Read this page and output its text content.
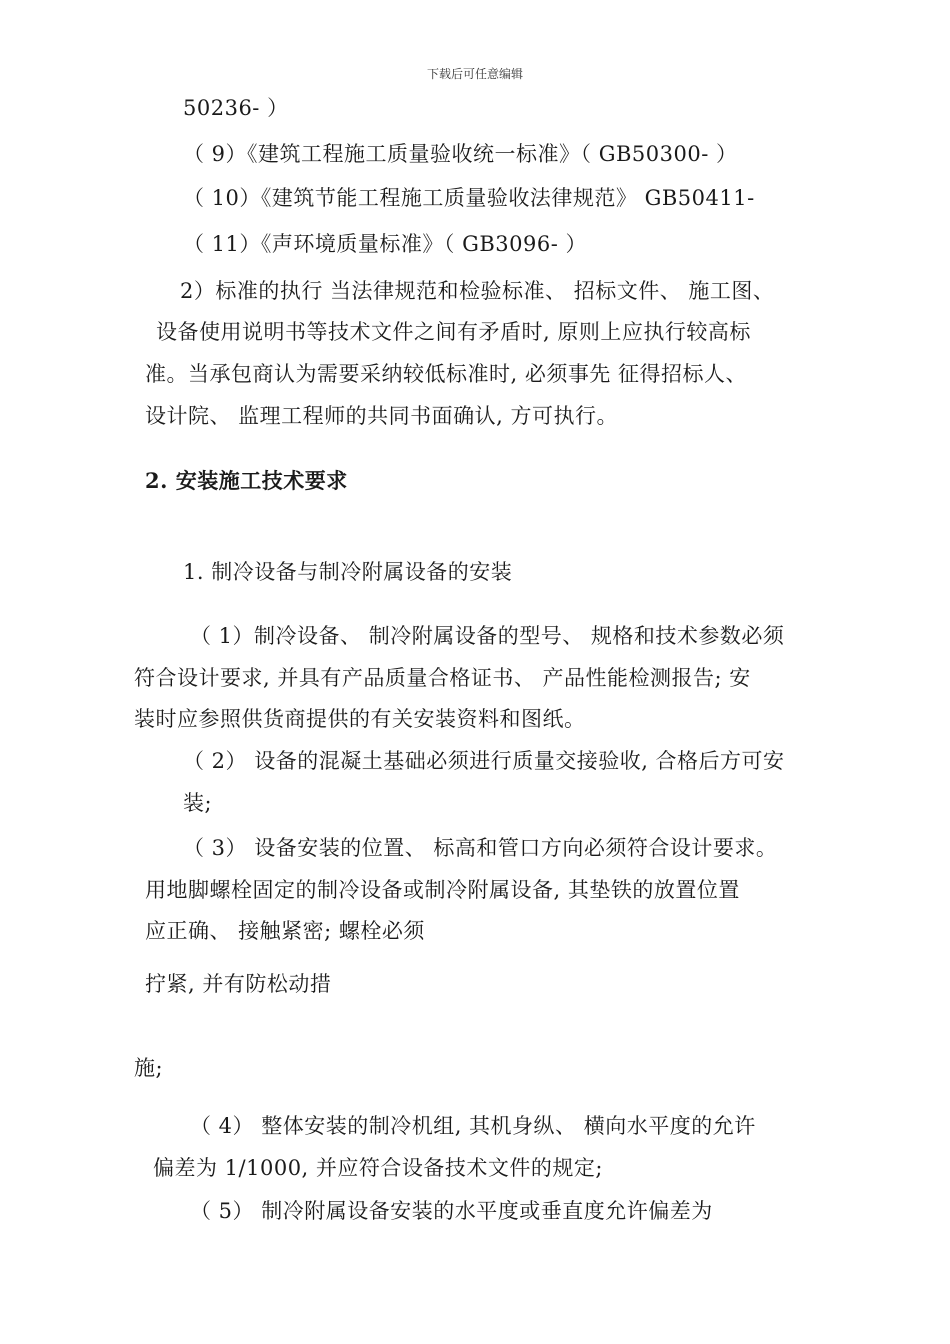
下载后可任意编辑
50236- ）
（ 9）《建筑工程施工质量验收统一标准》（ GB50300- ）
（ 10）《建筑节能工程施工质量验收法律规范》 GB50411-
（ 11）《声环境质量标准》（ GB3096- ）
2）标准的执行 当法律规范和检验标准、 招标文件、 施工图、
设备使用说明书等技术文件之间有矛盾时, 原则上应执行较高标
准。当承包商认为需要采纳较低标准时, 必须事先 征得招标人、
设计院、 监理工程师的共同书面确认, 方可执行。
2. 安装施工技术要求
1. 制冷设备与制冷附属设备的安装
（ 1）制冷设备、 制冷附属设备的型号、 规格和技术参数必须
符合设计要求, 并具有产品质量合格证书、 产品性能检测报告; 安
装时应参照供货商提供的有关安装资料和图纸。
（ 2） 设备的混凝土基础必须进行质量交接验收, 合格后方可安
装;
（ 3） 设备安装的位置、 标高和管口方向必须符合设计要求。
用地脚螺栓固定的制冷设备或制冷附属设备, 其垫铁的放置位置
应正确、 接触紧密; 螺栓必须
拧紧, 并有防松动措
施;
（ 4） 整体安装的制冷机组, 其机身纵、 横向水平度的允许
偏差为 1/1000, 并应符合设备技术文件的规定;
（ 5） 制冷附属设备安装的水平度或垂直度允许偏差为
